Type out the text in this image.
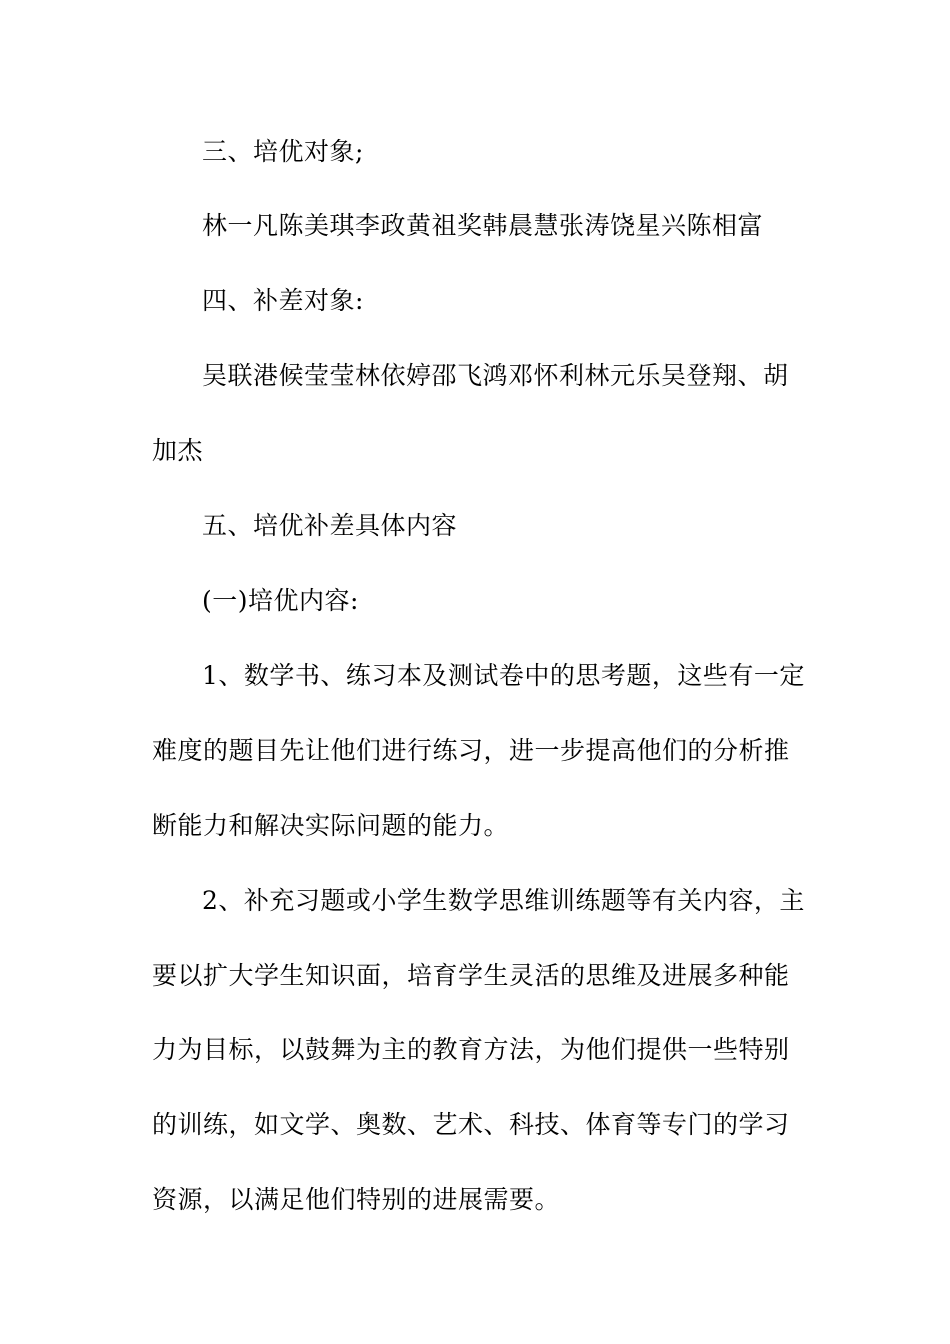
三、培优对象;
林一凡陈美琪李政黄祖奖韩晨慧张涛饶星兴陈相富
四、补差对象:
吴联港候莹莹林依婷邵飞鸿邓怀利林元乐吴登翔、胡
加杰
五、培优补差具体内容
(一)培优内容:
1、数学书、练习本及测试卷中的思考题，这些有一定
难度的题目先让他们进行练习，进一步提高他们的分析推
断能力和解决实际问题的能力。
2、补充习题或小学生数学思维训练题等有关内容，主
要以扩大学生知识面，培育学生灵活的思维及进展多种能
力为目标，以鼓舞为主的教育方法，为他们提供一些特别
的训练，如文学、奥数、艺术、科技、体育等专门的学习
资源，以满足他们特别的进展需要。
